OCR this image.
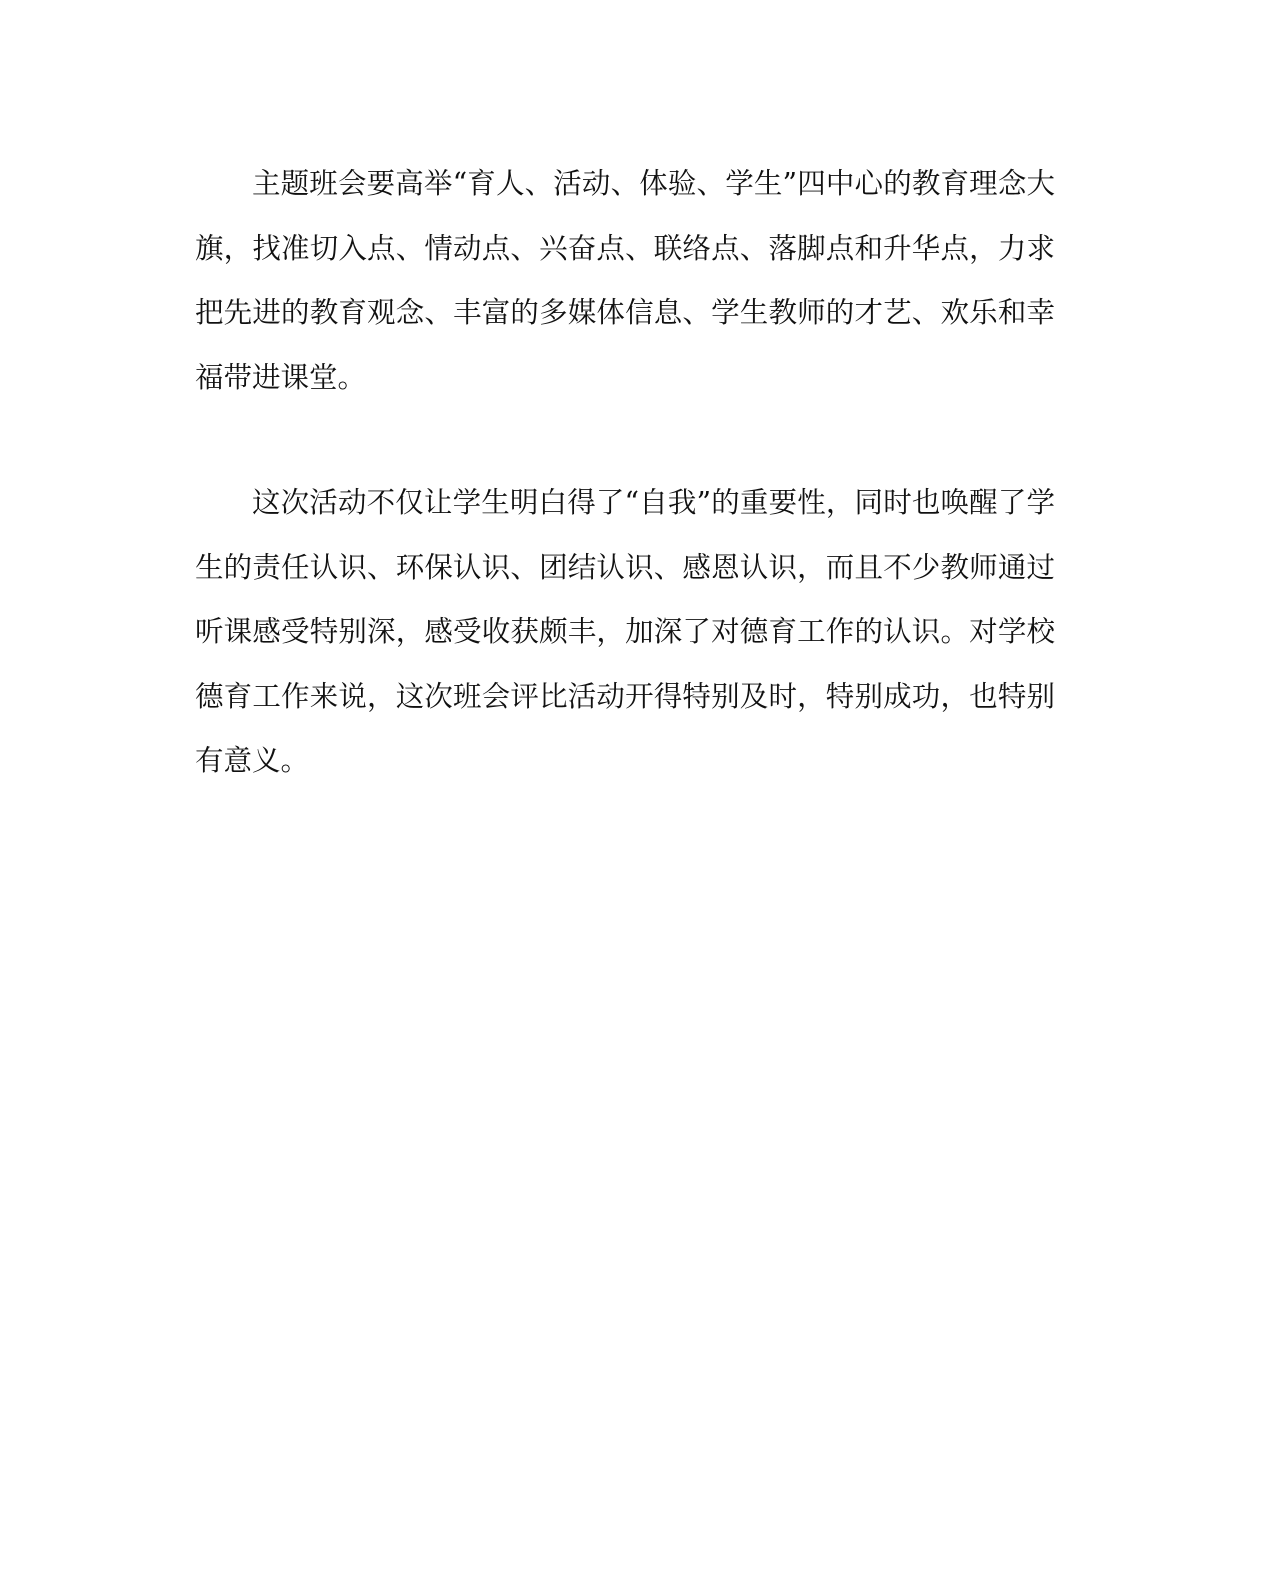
主题班会要高举“育人、活动、体验、学生”四中心的教育理念大旗，找准切入点、情动点、兴奋点、联络点、落脚点和升华点，力求把先进的教育观念、丰富的多媒体信息、学生教师的才艺、欢乐和幸福带进课堂。

这次活动不仅让学生明白得了“自我”的重要性，同时也唤醒了学生的责任认识、环保认识、团结认识、感恩认识，而且不少教师通过听课感受特别深，感受收获颇丰，加深了对德育工作的认识。对学校德育工作来说，这次班会评比活动开得特别及时，特别成功，也特别有意义。
